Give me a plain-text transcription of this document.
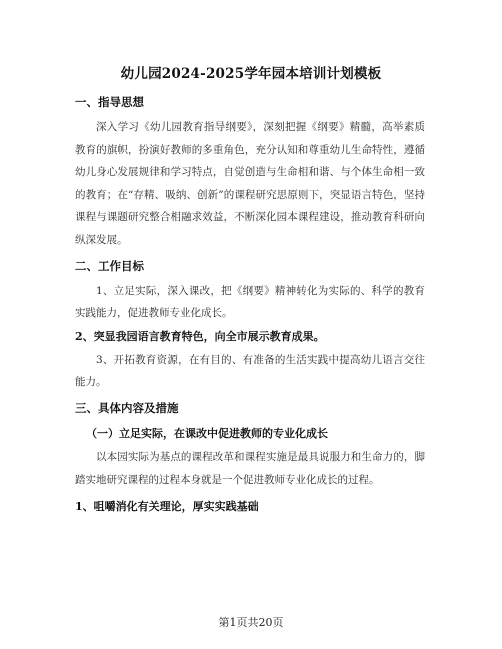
幼儿园2024-2025学年园本培训计划模板

一、指导思想

深入学习《幼儿园教育指导纲要》，深刻把握《纲要》精髓，高举素质教育的旗帜，扮演好教师的多重角色，充分认知和尊重幼儿生命特性，遵循幼儿身心发展规律和学习特点，自觉创造与生命相和谐、与个体生命相一致的教育；在“存精、吸纳、创新”的课程研究思原则下，突显语言特色，坚持课程与课题研究整合相融求效益，不断深化园本课程建设，推动教育科研向纵深发展。

二、工作目标

1、立足实际，深入课改，把《纲要》精神转化为实际的、科学的教育实践能力，促进教师专业化成长。

2、突显我园语言教育特色，向全市展示教育成果。

3、开拓教育资源，在有目的、有准备的生活实践中提高幼儿语言交往能力。

三、具体内容及措施

（一）立足实际，在课改中促进教师的专业化成长

以本园实际为基点的课程改革和课程实施是最具说服力和生命力的，脚踏实地研究课程的过程本身就是一个促进教师专业化成长的过程。

1、咀嚼消化有关理论，厚实实践基础

第1页共20页
